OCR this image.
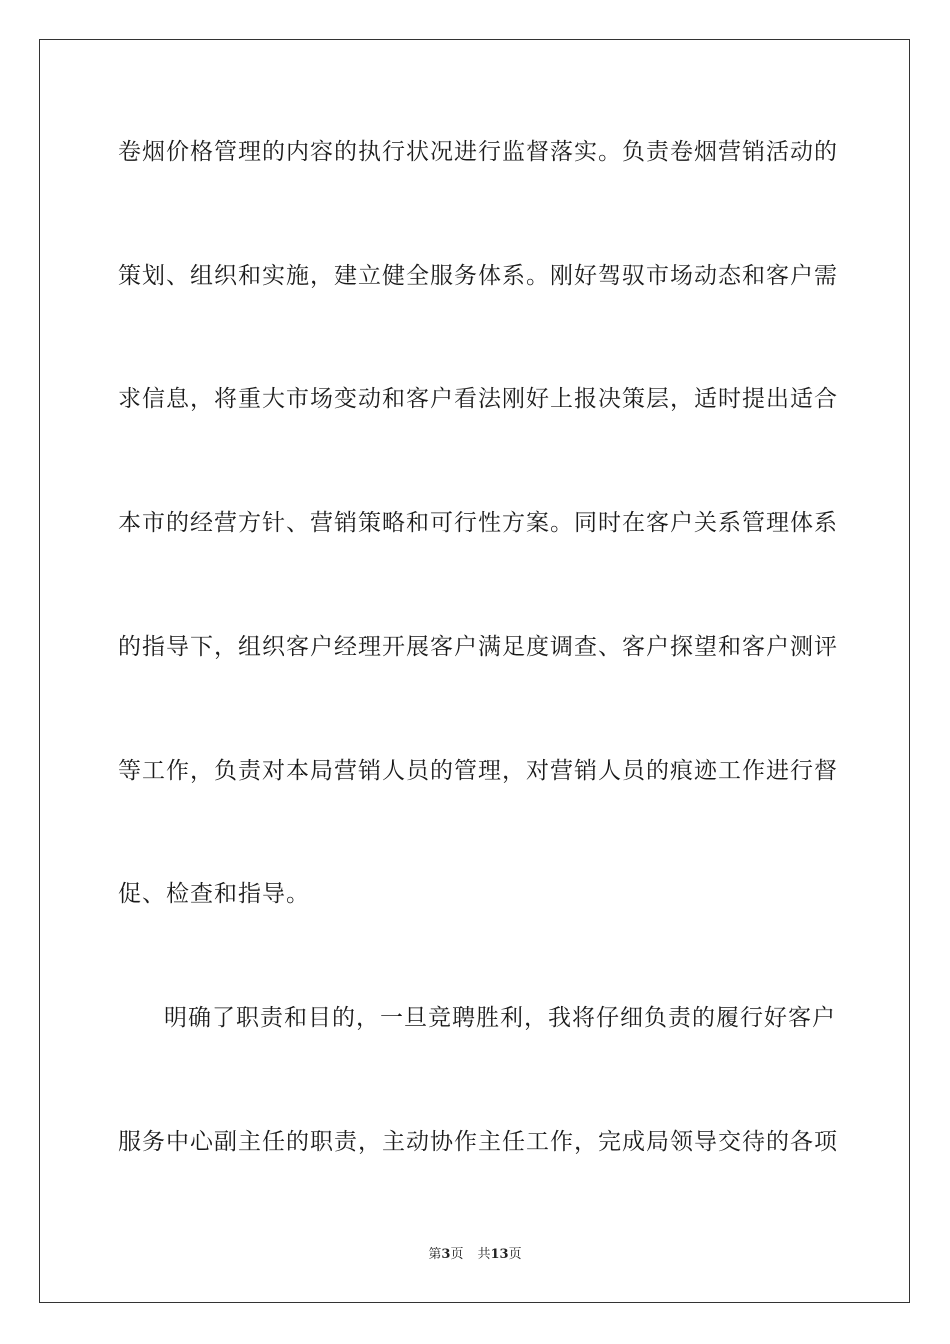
卷烟价格管理的内容的执行状况进行监督落实。负责卷烟营销活动的
策划、组织和实施，建立健全服务体系。刚好驾驭市场动态和客户需
求信息，将重大市场变动和客户看法刚好上报决策层，适时提出适合
本市的经营方针、营销策略和可行性方案。同时在客户关系管理体系
的指导下，组织客户经理开展客户满足度调查、客户探望和客户测评
等工作，负责对本局营销人员的管理，对营销人员的痕迹工作进行督
促、检查和指导。
明确了职责和目的，一旦竞聘胜利，我将仔细负责的履行好客户
服务中心副主任的职责，主动协作主任工作，完成局领导交待的各项
第3页 共13页
